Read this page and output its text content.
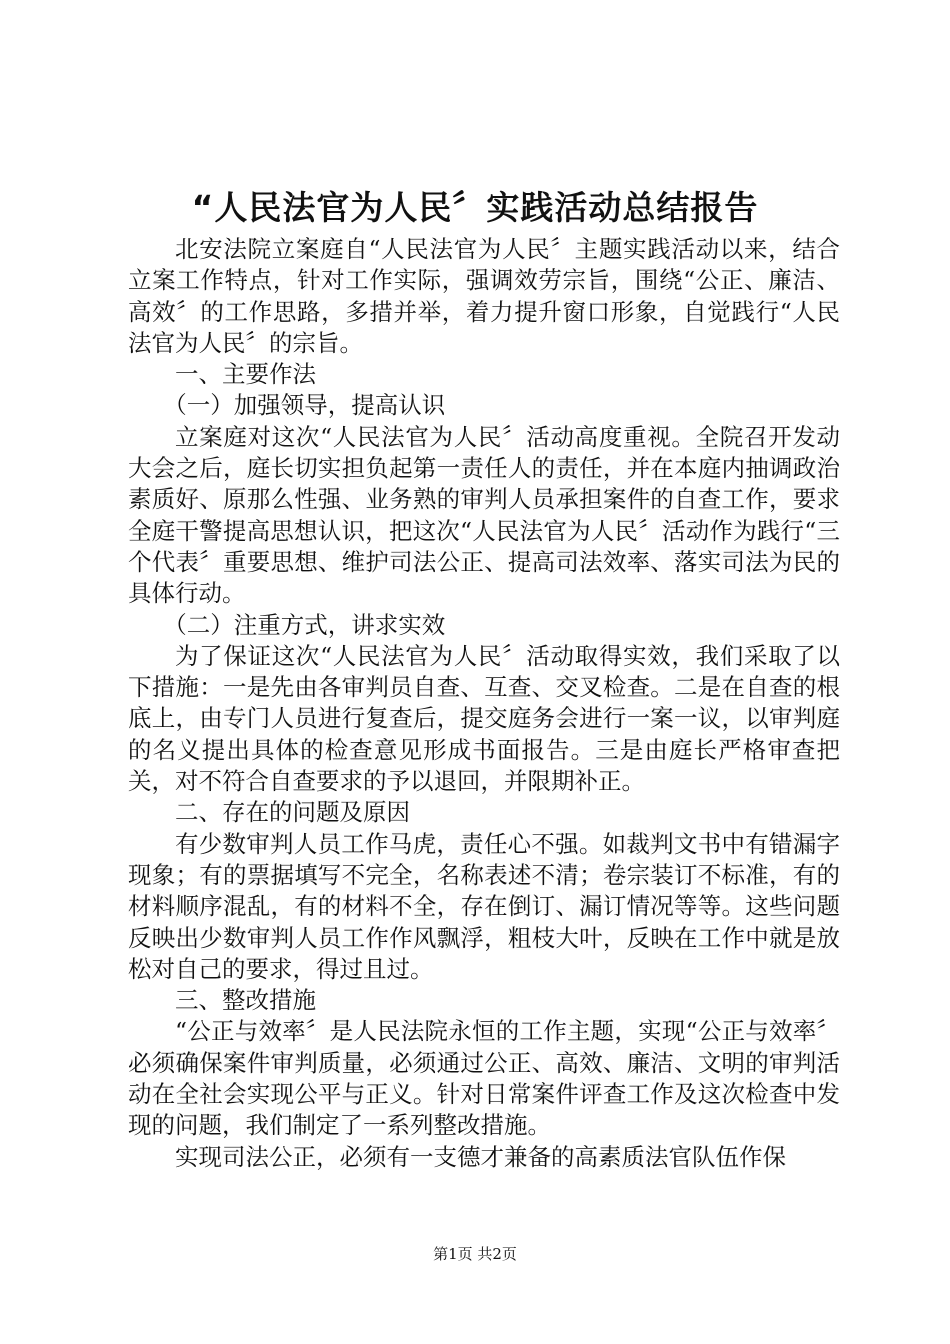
“人民法官为人民〞实践活动总结报告

北安法院立案庭自“人民法官为人民〞主题实践活动以来，结合立案工作特点，针对工作实际，强调效劳宗旨，围绕“公正、廉洁、高效〞的工作思路，多措并举，着力提升窗口形象，自觉践行“人民法官为人民〞的宗旨。

一、主要作法

（一）加强领导，提高认识

立案庭对这次“人民法官为人民〞活动高度重视。全院召开发动大会之后，庭长切实担负起第一责任人的责任，并在本庭内抽调政治素质好、原那么性强、业务熟的审判人员承担案件的自查工作，要求全庭干警提高思想认识，把这次“人民法官为人民〞活动作为践行“三个代表〞重要思想、维护司法公正、提高司法效率、落实司法为民的具体行动。

（二）注重方式，讲求实效

为了保证这次“人民法官为人民〞活动取得实效，我们采取了以下措施：一是先由各审判员自查、互查、交叉检查。二是在自查的根底上，由专门人员进行复查后，提交庭务会进行一案一议，以审判庭的名义提出具体的检查意见形成书面报告。三是由庭长严格审查把关，对不符合自查要求的予以退回，并限期补正。

二、存在的问题及原因

有少数审判人员工作马虎，责任心不强。如裁判文书中有错漏字现象；有的票据填写不完全，名称表述不清；卷宗装订不标准，有的材料顺序混乱，有的材料不全，存在倒订、漏订情况等等。这些问题反映出少数审判人员工作作风飘浮，粗枝大叶，反映在工作中就是放松对自己的要求，得过且过。

三、整改措施

“公正与效率〞是人民法院永恒的工作主题，实现“公正与效率〞必须确保案件审判质量，必须通过公正、高效、廉洁、文明的审判活动在全社会实现公平与正义。针对日常案件评查工作及这次检查中发现的问题，我们制定了一系列整改措施。

实现司法公正，必须有一支德才兼备的高素质法官队伍作保

第1页 共2页
